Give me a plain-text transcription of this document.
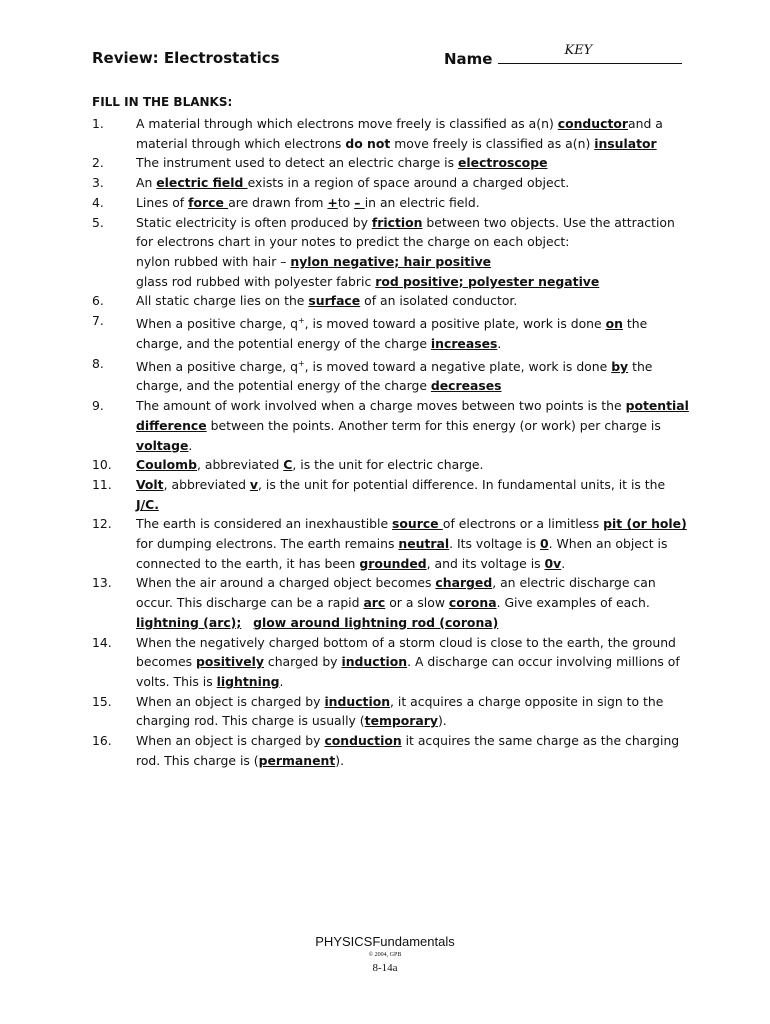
Review: Electrostatics	Name	KEY
FILL IN THE BLANKS:
1.	A material through which electrons move freely is classified as a(n) conductorand a material through which electrons do not move freely is classified as a(n) insulator
2.	The instrument used to detect an electric charge is electroscope
3.	An electric field exists in a region of space around a charged object.
4.	Lines of force are drawn from +to – in an electric field.
5.	Static electricity is often produced by friction between two objects. Use the attraction for electrons chart in your notes to predict the charge on each object:
nylon rubbed with hair – nylon negative; hair positive
glass rod rubbed with polyester fabric rod positive; polyester negative
6.	All static charge lies on the surface of an isolated conductor.
7.	When a positive charge, q+, is moved toward a positive plate, work is done on the charge, and the potential energy of the charge increases.
8.	When a positive charge, q+, is moved toward a negative plate, work is done by the charge, and the potential energy of the charge decreases
9.	The amount of work involved when a charge moves between two points is the potential difference between the points. Another term for this energy (or work) per charge is voltage.
10.	Coulomb, abbreviated C, is the unit for electric charge.
11.	Volt, abbreviated v, is the unit for potential difference. In fundamental units, it is the J/C.
12.	The earth is considered an inexhaustible source of electrons or a limitless pit (or hole) for dumping electrons. The earth remains neutral. Its voltage is 0. When an object is connected to the earth, it has been grounded, and its voltage is 0v.
13.	When the air around a charged object becomes charged, an electric discharge can occur. This discharge can be a rapid arc or a slow corona. Give examples of each.
lightning (arc); glow around lightning rod (corona)
14.	When the negatively charged bottom of a storm cloud is close to the earth, the ground becomes positively charged by induction. A discharge can occur involving millions of volts. This is lightning.
15.	When an object is charged by induction, it acquires a charge opposite in sign to the charging rod. This charge is usually (temporary).
16.	When an object is charged by conduction it acquires the same charge as the charging rod. This charge is (permanent).
PHYSICSFundamentals
© 2004, GPB
8-14a
